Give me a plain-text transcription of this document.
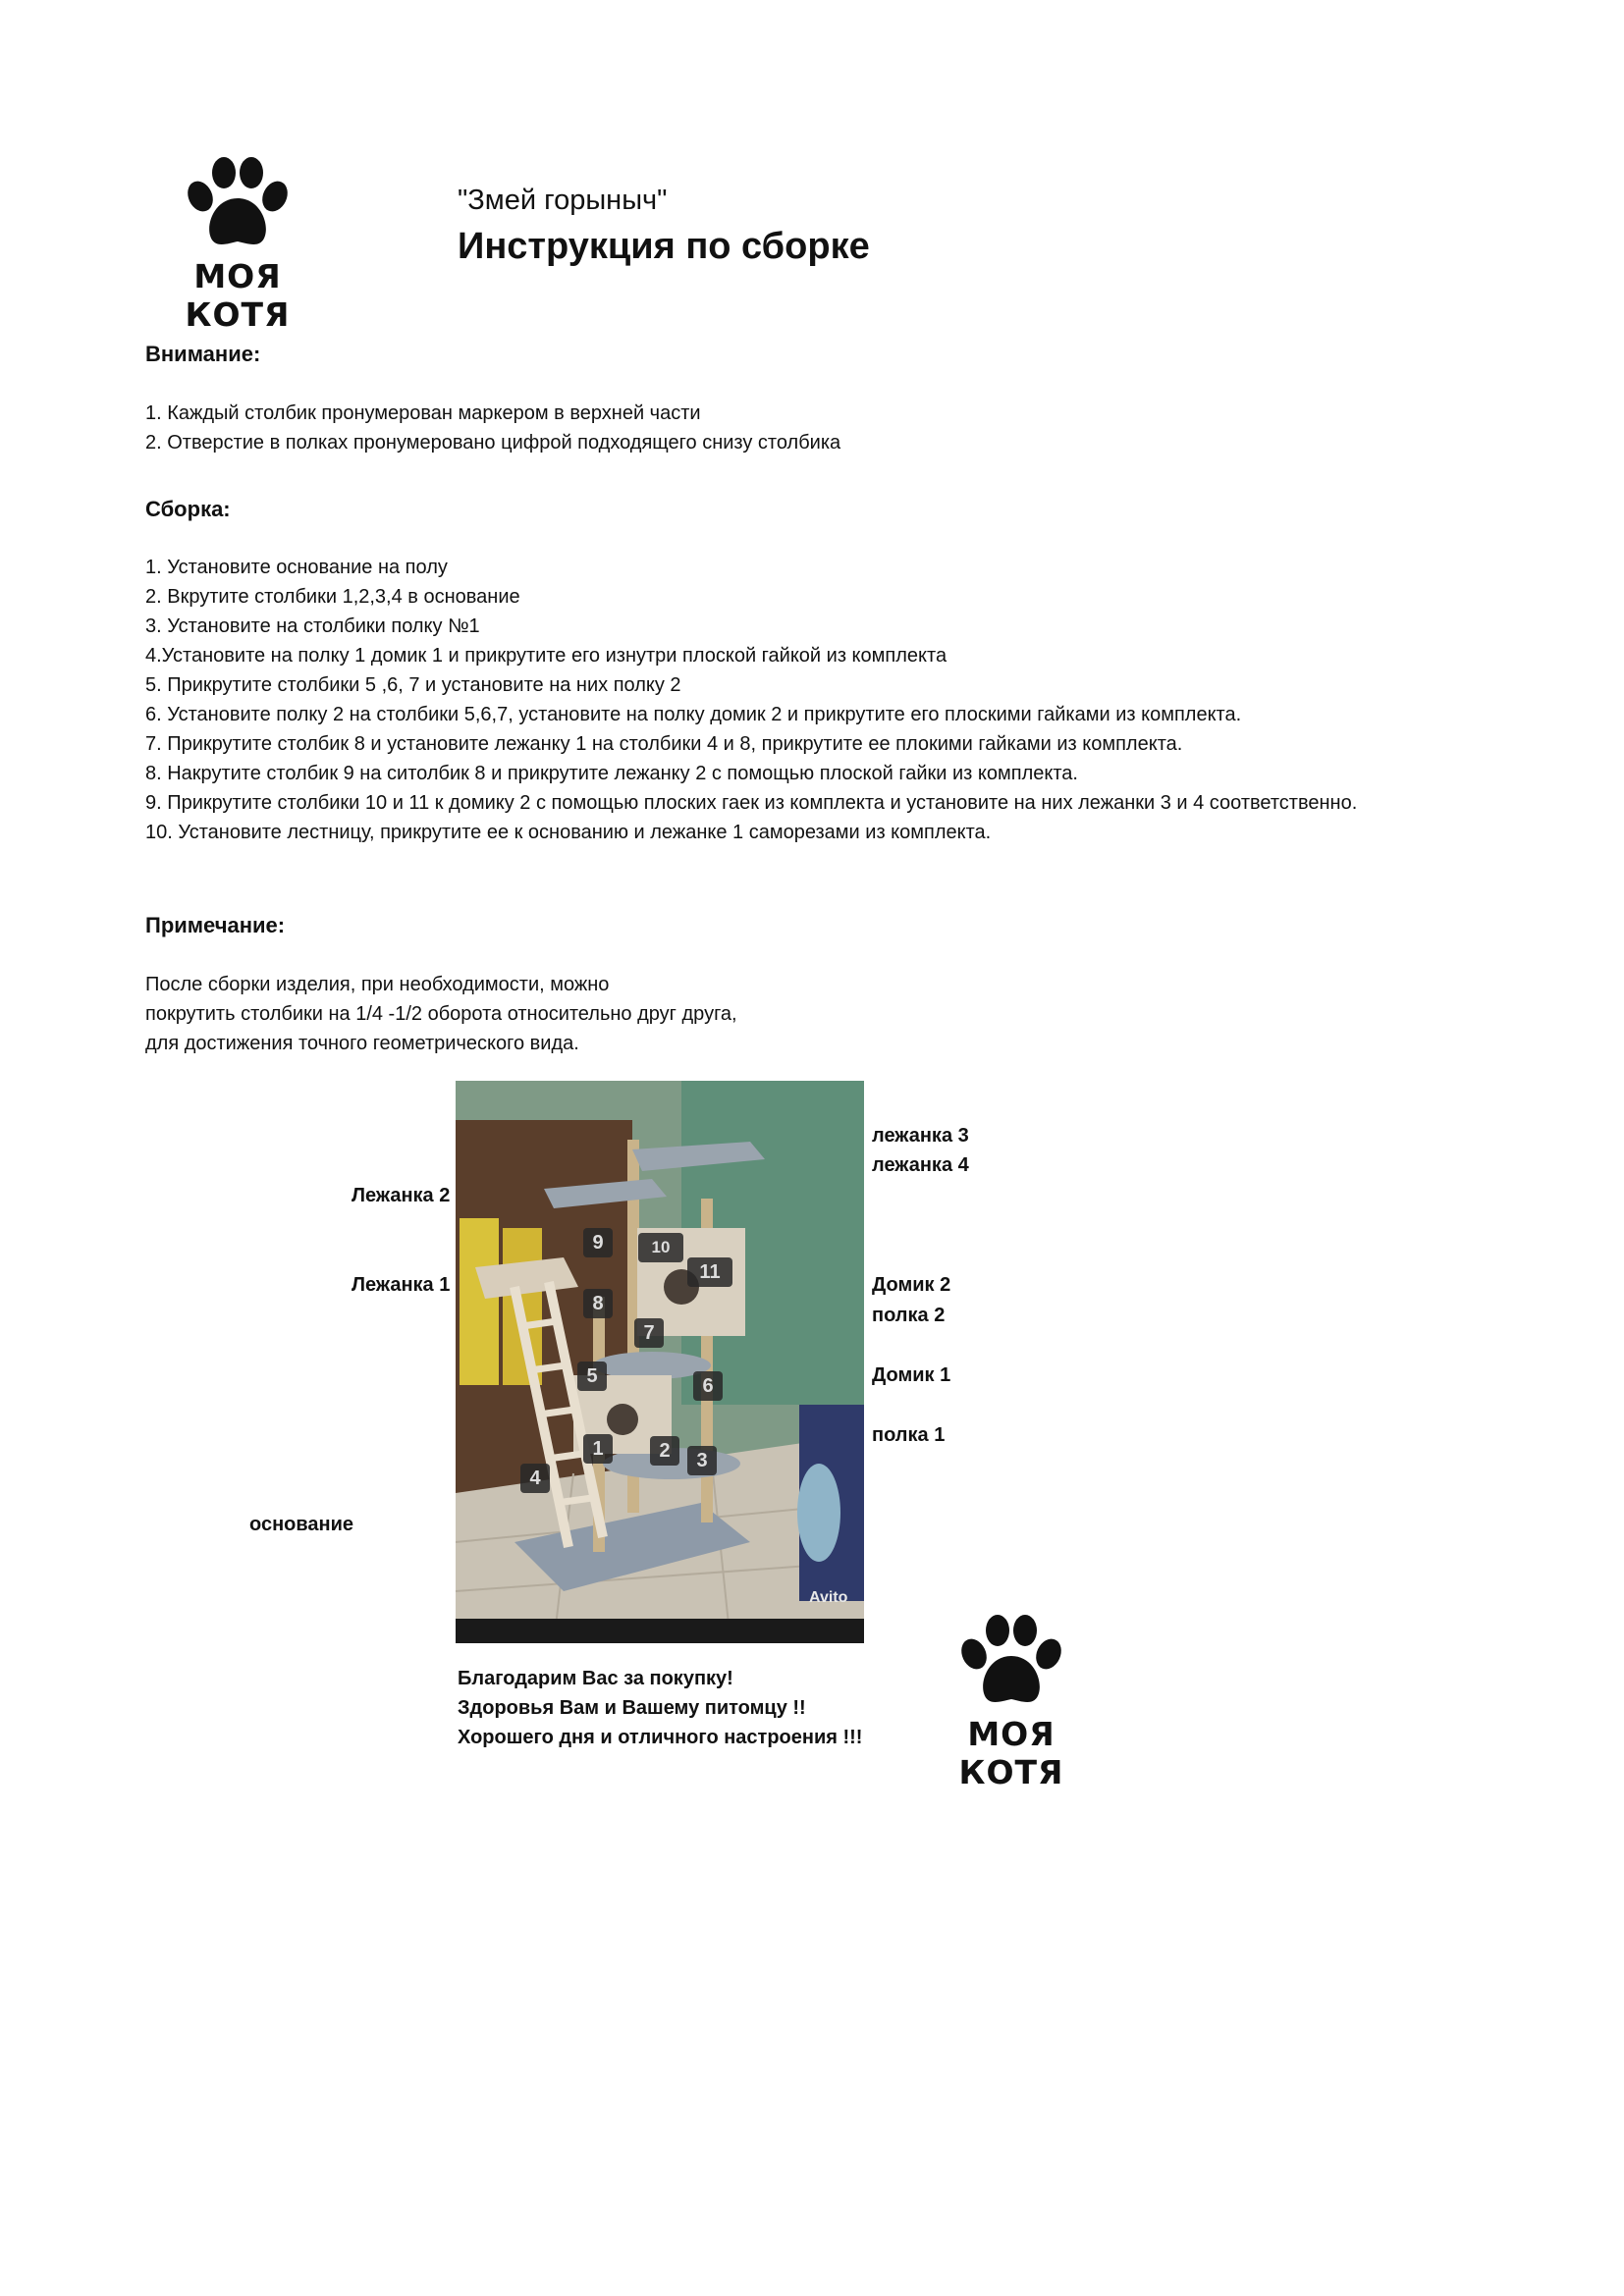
МОЯ КОТЯ
"Змей горыныч"
Инструкция по сборке
Внимание:

1. Каждый столбик пронумерован маркером в верхней части

2. Отверстие в полках пронумеровано цифрой подходящего снизу столбика

Сборка:

1. Установите основание на полу

2. Вкрутите столбики 1,2,3,4 в основание

3. Установите на столбики полку №1

4.Установите на полку 1 домик 1 и прикрутите его изнутри плоской гайкой из комплекта

5. Прикрутите столбики 5 ,6, 7 и установите на них полку 2

6. Установите полку 2 на столбики 5,6,7, установите на полку домик 2 и прикрутите его плоскими гайками из комплекта.

7. Прикрутите столбик 8 и установите лежанку 1 на столбики 4 и 8, прикрутите ее плокими гайками из комплекта.

8. Накрутите столбик 9 на ситолбик 8 и прикрутите лежанку 2 с помощью плоской гайки из комплекта.

9. Прикрутите столбики 10 и 11 к домику 2 с помощью плоских гаек из комплекта и установите на них лежанки 3 и 4 соответственно.

10. Установите лестницу, прикрутите ее к основанию и лежанке 1 саморезами из комплекта.

Примечание:

После сборки изделия, при необходимости, можно

покрутить столбики на 1/4 -1/2 оборота относительно друг друга,

для достижения точного геометрического вида.

Лежанка 2
Лежанка 1
основание
лежанка 3
лежанка 4
Домик 2
полка 2
Домик 1
полка 1
9	10
11
8
7
5	6
1	2	3
4
Avito

Благодарим Вас за покупку!

Здоровья Вам и Вашему питомцу !!

Хорошего дня и отличного настроения !!!	МОЯ КОТЯ
